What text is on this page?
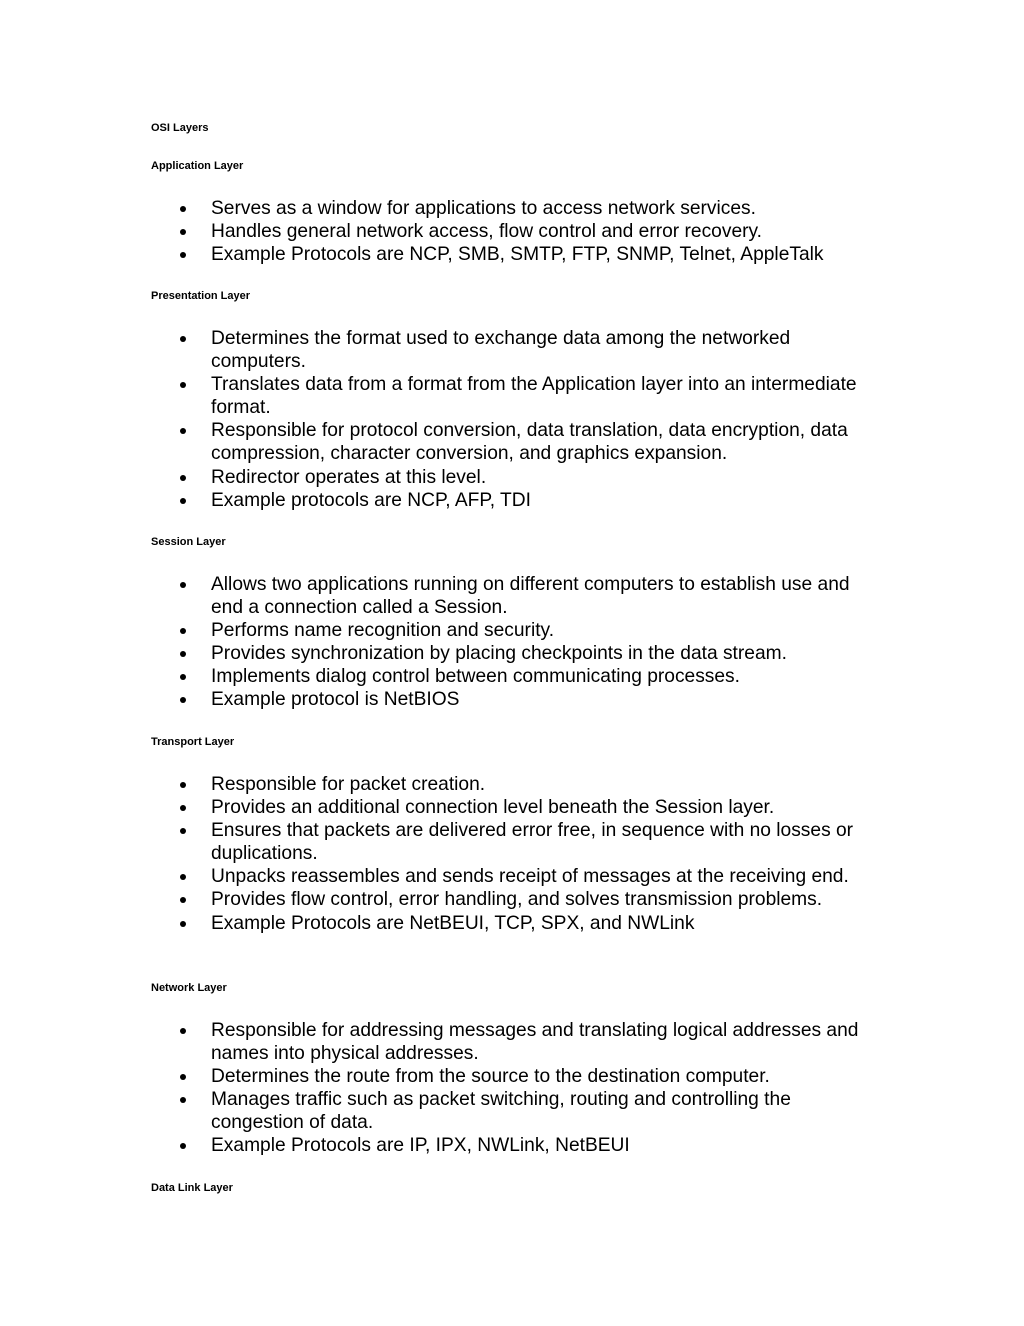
OSI Layers
Application Layer
Serves as a window for applications to access network services.
Handles general network access, flow control and error recovery.
Example Protocols are NCP, SMB, SMTP, FTP, SNMP, Telnet, AppleTalk
Presentation Layer
Determines the format used to exchange data among the networked computers.
Translates data from a format from the Application layer into an intermediate format.
Responsible for protocol conversion, data translation, data encryption, data compression, character conversion, and graphics expansion.
Redirector operates at this level.
Example protocols are NCP, AFP, TDI
Session Layer
Allows two applications running on different computers to establish use and end a connection called a Session.
Performs name recognition and security.
Provides synchronization by placing checkpoints in the data stream.
Implements dialog control between communicating processes.
Example protocol is NetBIOS
Transport Layer
Responsible for packet creation.
Provides an additional connection level beneath the Session layer.
Ensures that packets are delivered error free, in sequence with no losses or duplications.
Unpacks reassembles and sends receipt of messages at the receiving end.
Provides flow control, error handling, and solves transmission problems.
Example Protocols are NetBEUI, TCP, SPX, and NWLink
Network Layer
Responsible for addressing messages and translating logical addresses and names into physical addresses.
Determines the route from the source to the destination computer.
Manages traffic such as packet switching, routing and controlling the congestion of data.
Example Protocols are IP, IPX, NWLink, NetBEUI
Data Link Layer
